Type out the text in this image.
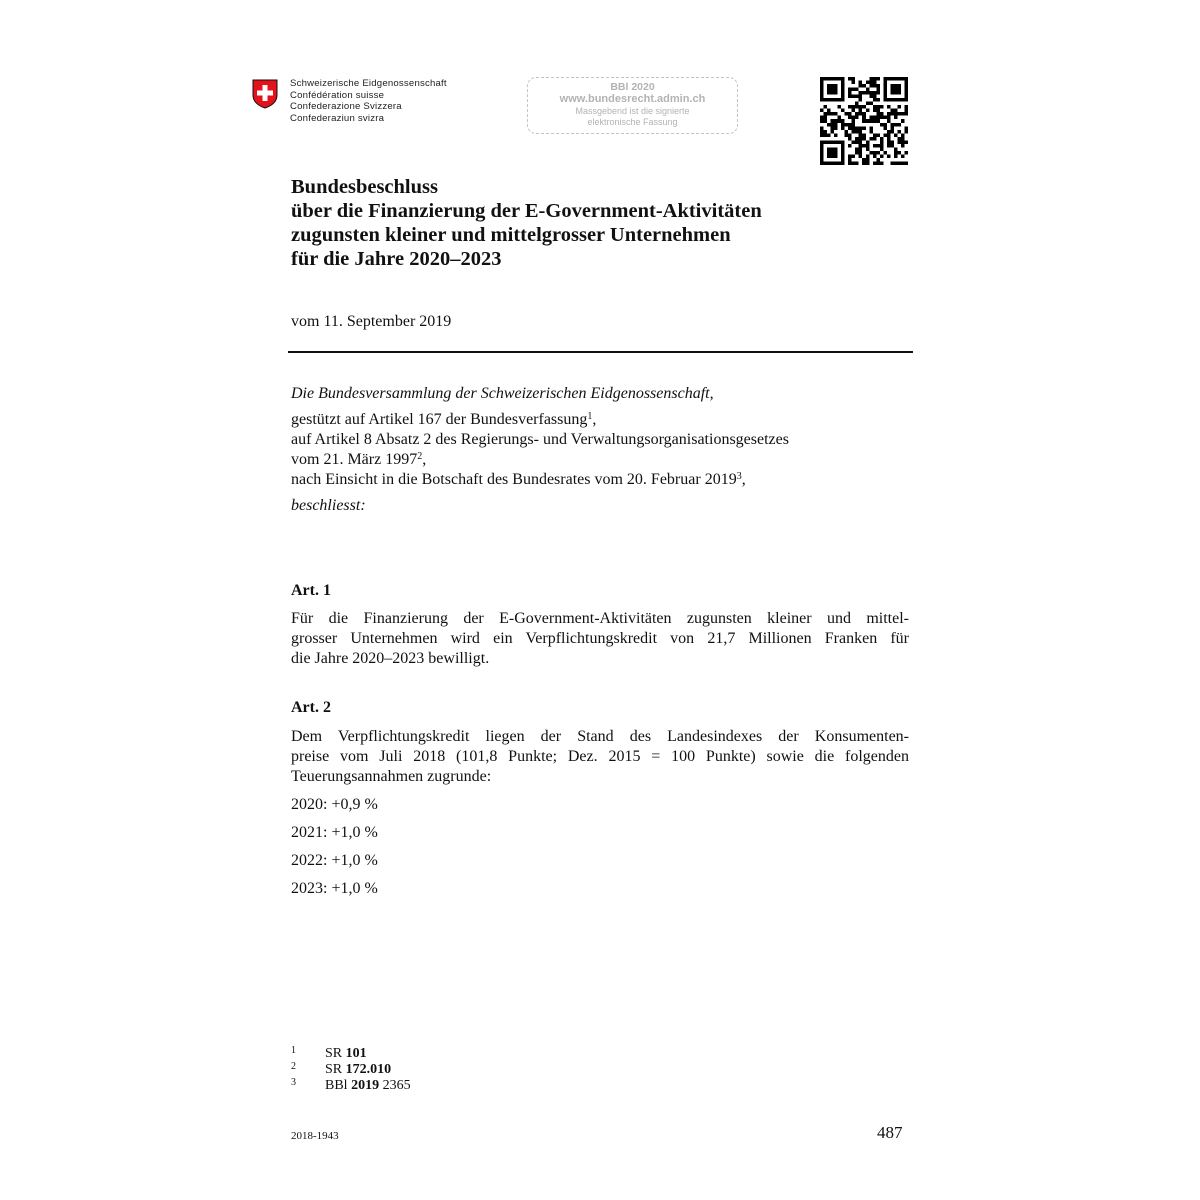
Schweizerische Eidgenossenschaft
Confédération suisse
Confederazione Svizzera
Confederaziun svizra
BBl 2020
www.bundesrecht.admin.ch
Massgebend ist die signierte
elektronische Fassung
Bundesbeschluss
über die Finanzierung der E-Government-Aktivitäten
zugunsten kleiner und mittelgrosser Unternehmen
für die Jahre 2020–2023
vom 11. September 2019
Die Bundesversammlung der Schweizerischen Eidgenossenschaft,
gestützt auf Artikel 167 der Bundesverfassung$^1$,
auf Artikel 8 Absatz 2 des Regierungs- und Verwaltungsorganisationsgesetzes
vom 21. März 1997$^2$,
nach Einsicht in die Botschaft des Bundesrates vom 20. Februar 2019$^3$,
beschliesst:
Art. 1
Für die Finanzierung der E-Government-Aktivitäten zugunsten kleiner und mittel-
grosser Unternehmen wird ein Verpflichtungskredit von 21,7 Millionen Franken für
die Jahre 2020–2023 bewilligt.
Art. 2
Dem Verpflichtungskredit liegen der Stand des Landesindexes der Konsumenten-
preise vom Juli 2018 (101,8 Punkte; Dez. 2015 = 100 Punkte) sowie die folgenden
Teuerungsannahmen zugrunde:
2020: +0,9 %
2021: +1,0 %
2022: +1,0 %
2023: +1,0 %
1 SR 101
2 SR 172.010
3 BBl 2019 2365
2018-1943	487
